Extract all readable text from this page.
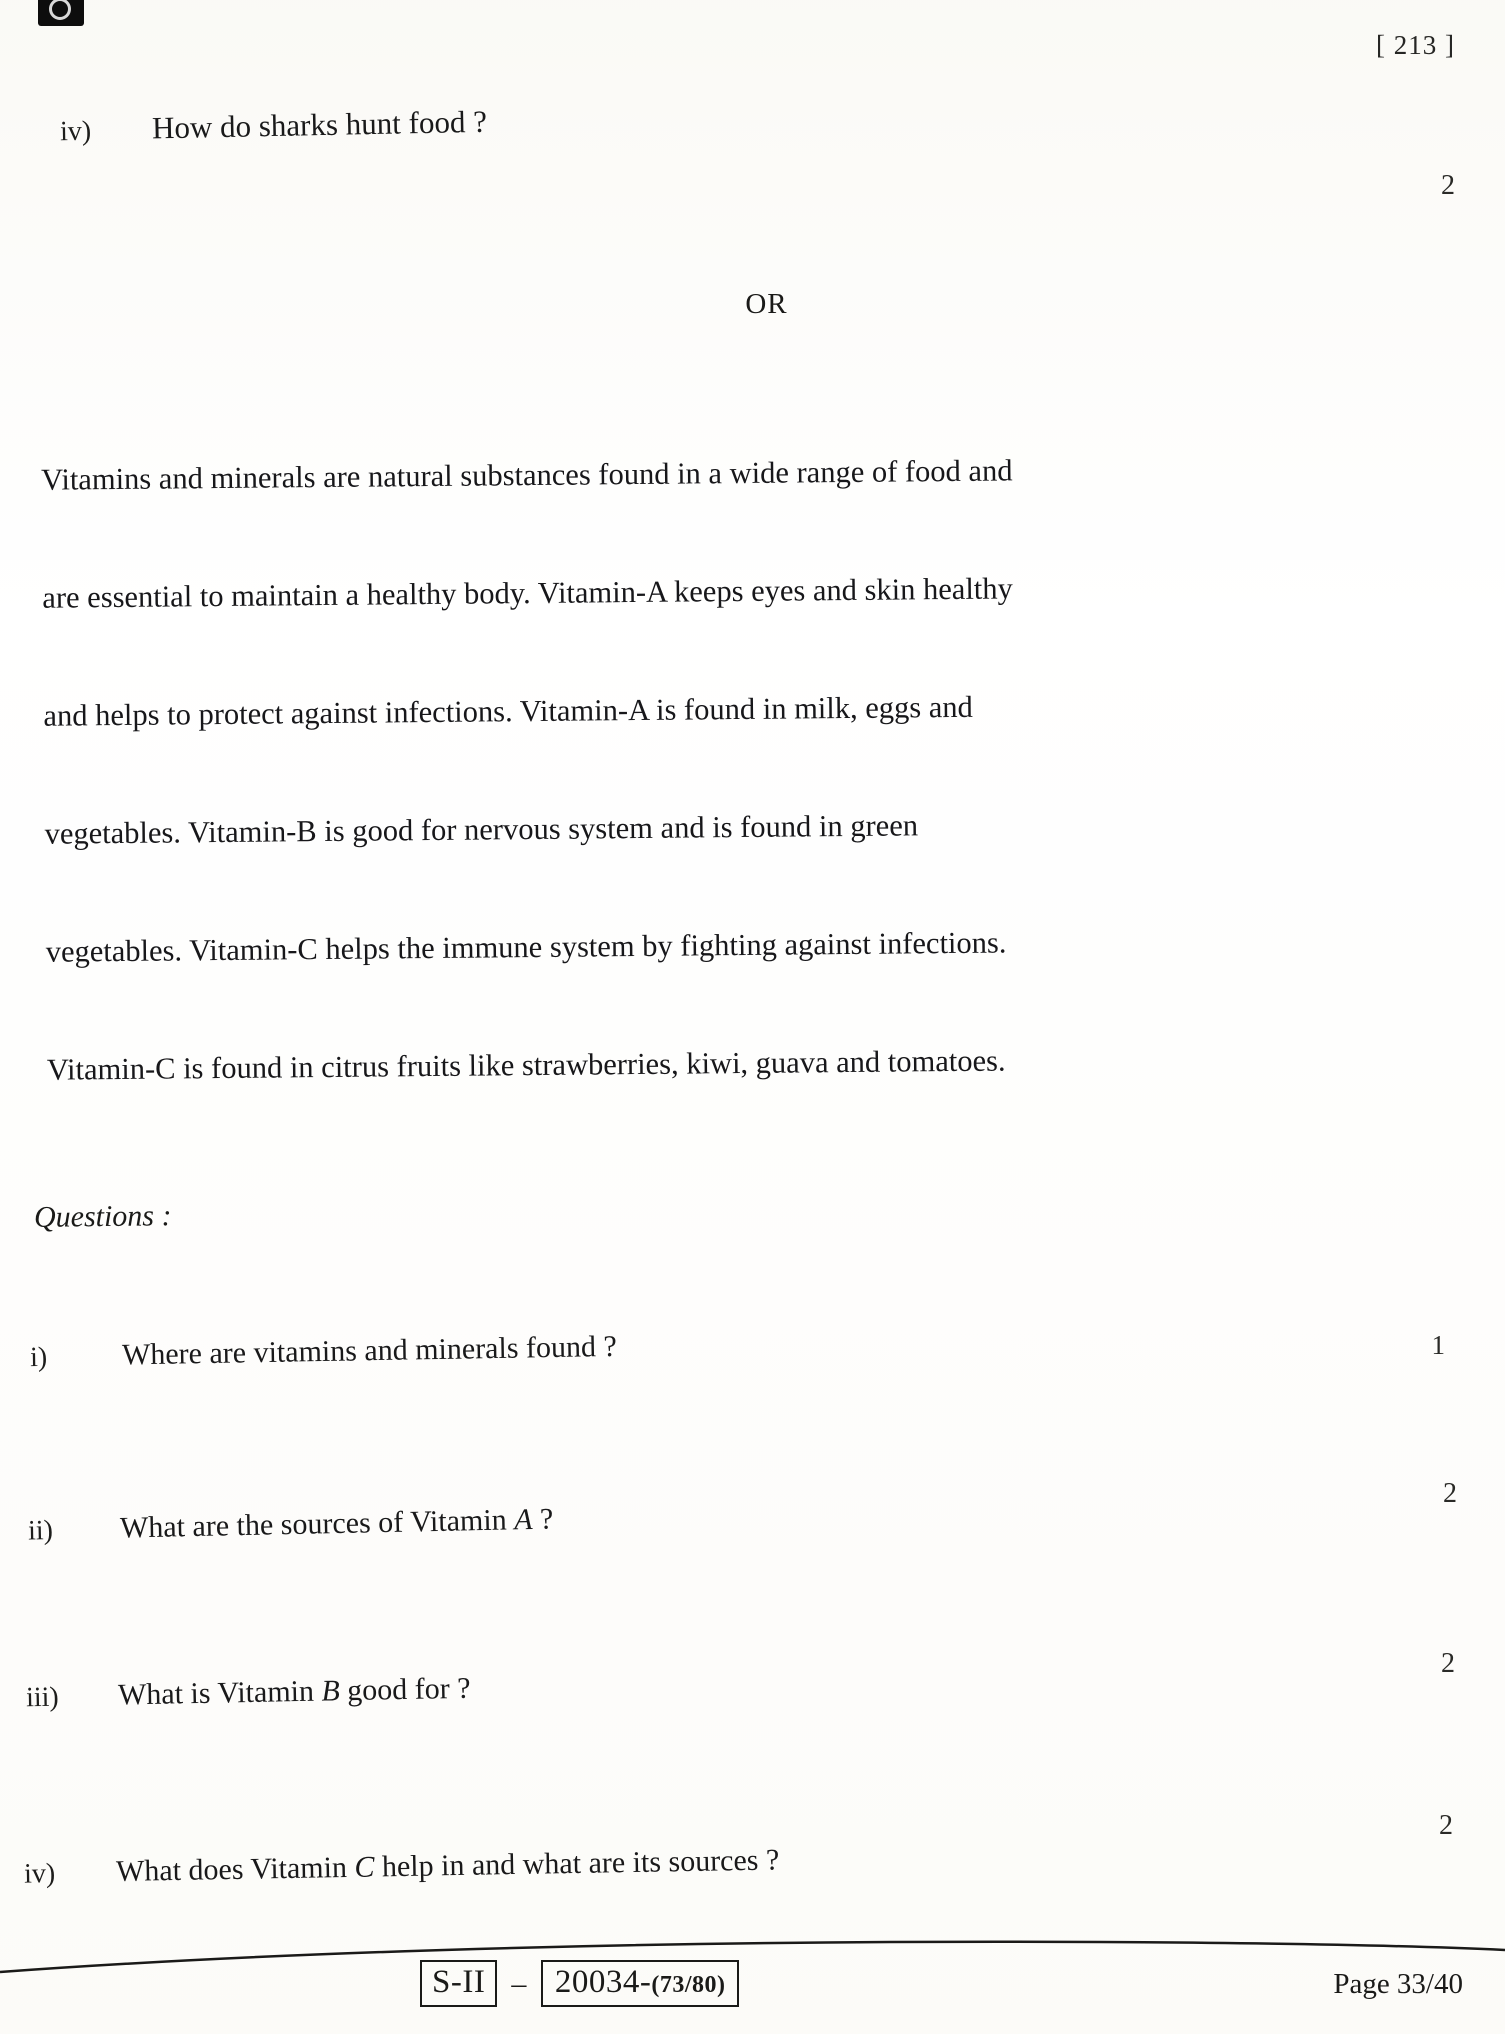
[ 213 ]
iv)	How do sharks hunt food ?
2
OR
Vitamins and minerals are natural substances found in a wide range of food and
are essential to maintain a healthy body. Vitamin-A keeps eyes and skin healthy
and helps to protect against infections. Vitamin-A is found in milk, eggs and
vegetables. Vitamin-B is good for nervous system and is found in green
vegetables. Vitamin-C helps the immune system by fighting against infections.
Vitamin-C is found in citrus fruits like strawberries, kiwi, guava and tomatoes.
Questions :
i)	Where are vitamins and minerals found ?	1
ii)	What are the sources of Vitamin A ?
2
iii)	What is Vitamin B good for ?
2
iv)	What does Vitamin C help in and what are its sources ?
2
S-II – 20034-(73/80)	Page 33/40
